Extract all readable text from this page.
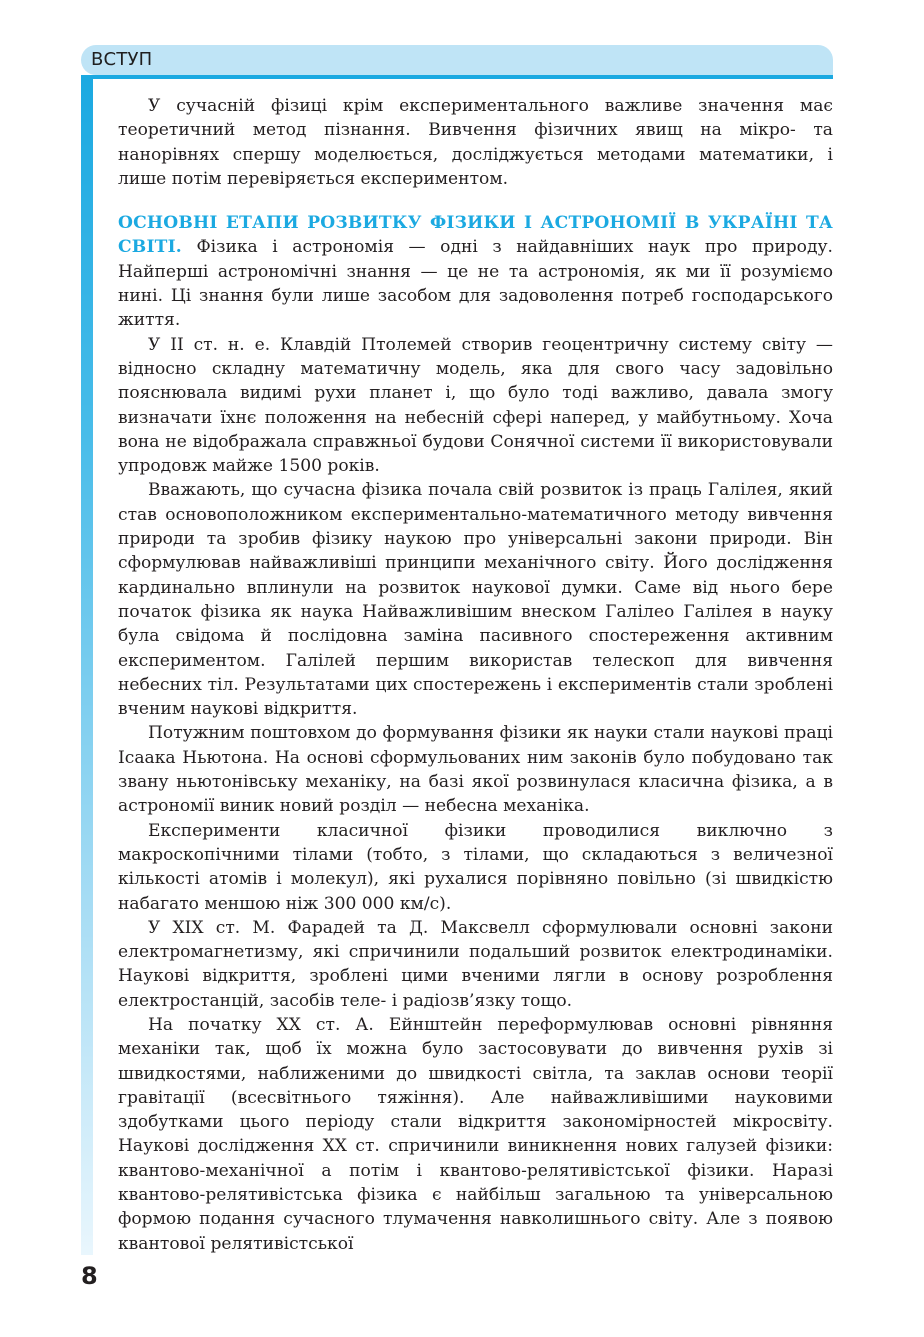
ВСТУП

У сучасній фізиці крім експериментального важливе значення має теоретичний метод пізнання. Вивчення фізичних явищ на мікро- та нанорівнях спершу моделюється, досліджується методами математики, і лише потім перевіряється експериментом.

ОСНОВНІ ЕТАПИ РОЗВИТКУ ФІЗИКИ І АСТРОНОМІЇ В УКРАЇНІ ТА СВІТІ. Фізика і астрономія — одні з найдавніших наук про природу. Найперші астрономічні знання — це не та астрономія, як ми її розуміємо нині. Ці знання були лише засобом для задоволення потреб господарського життя.

У II ст. н. е. Клавдій Птолемей створив геоцентричну систему світу — відносно складну математичну модель, яка для свого часу задовільно пояснювала видимі рухи планет і, що було тоді важливо, давала змогу визначати їхнє положення на небесній сфері наперед, у майбутньому. Хоча вона не відображала справжньої будови Сонячної системи її використовували упродовж майже 1500 років.

Вважають, що сучасна фізика почала свій розвиток із праць Галілея, який став основоположником експериментально-математичного методу вивчення природи та зробив фізику наукою про універсальні закони природи. Він сформулював найважливіші принципи механічного світу. Його дослідження кардинально вплинули на розвиток наукової думки. Саме від нього бере початок фізика як наука Найважливішим внеском Галілео Галілея в науку була свідома й послідовна заміна пасивного спостереження активним експериментом. Галілей першим використав телескоп для вивчення небесних тіл. Результатами цих спостережень і експериментів стали зроблені вченим наукові відкриття.

Потужним поштовхом до формування фізики як науки стали наукові праці Ісаака Ньютона. На основі сформульованих ним законів було побудовано так звану ньютонівську механіку, на базі якої розвинулася класична фізика, а в астрономії виник новий розділ — небесна механіка.

Експерименти класичної фізики проводилися виключно з макроскопічними тілами (тобто, з тілами, що складаються з величезної кількості атомів і молекул), які рухалися порівняно повільно (зі швидкістю набагато меншою ніж 300 000 км/с).

У XIX ст. М. Фарадей та Д. Максвелл сформулювали основні закони електромагнетизму, які спричинили подальший розвиток електродинаміки. Наукові відкриття, зроблені цими вченими лягли в основу розроблення електростанцій, засобів теле- і радіозв’язку тощо.

На початку XX ст. А. Ейнштейн переформулював основні рівняння механіки так, щоб їх можна було застосовувати до вивчення рухів зі швидкостями, наближеними до швидкості світла, та заклав основи теорії гравітації (всесвітнього тяжіння). Але найважливішими науковими здобутками цього періоду стали відкриття закономірностей мікросвіту. Наукові дослідження XX ст. спричинили виникнення нових галузей фізики: квантово-механічної а потім і квантово-релятивістської фізики. Наразі квантово-релятивістська фізика є найбільш загальною та універсальною формою подання сучасного тлумачення навколишнього світу. Але з появою квантової релятивістської

8
